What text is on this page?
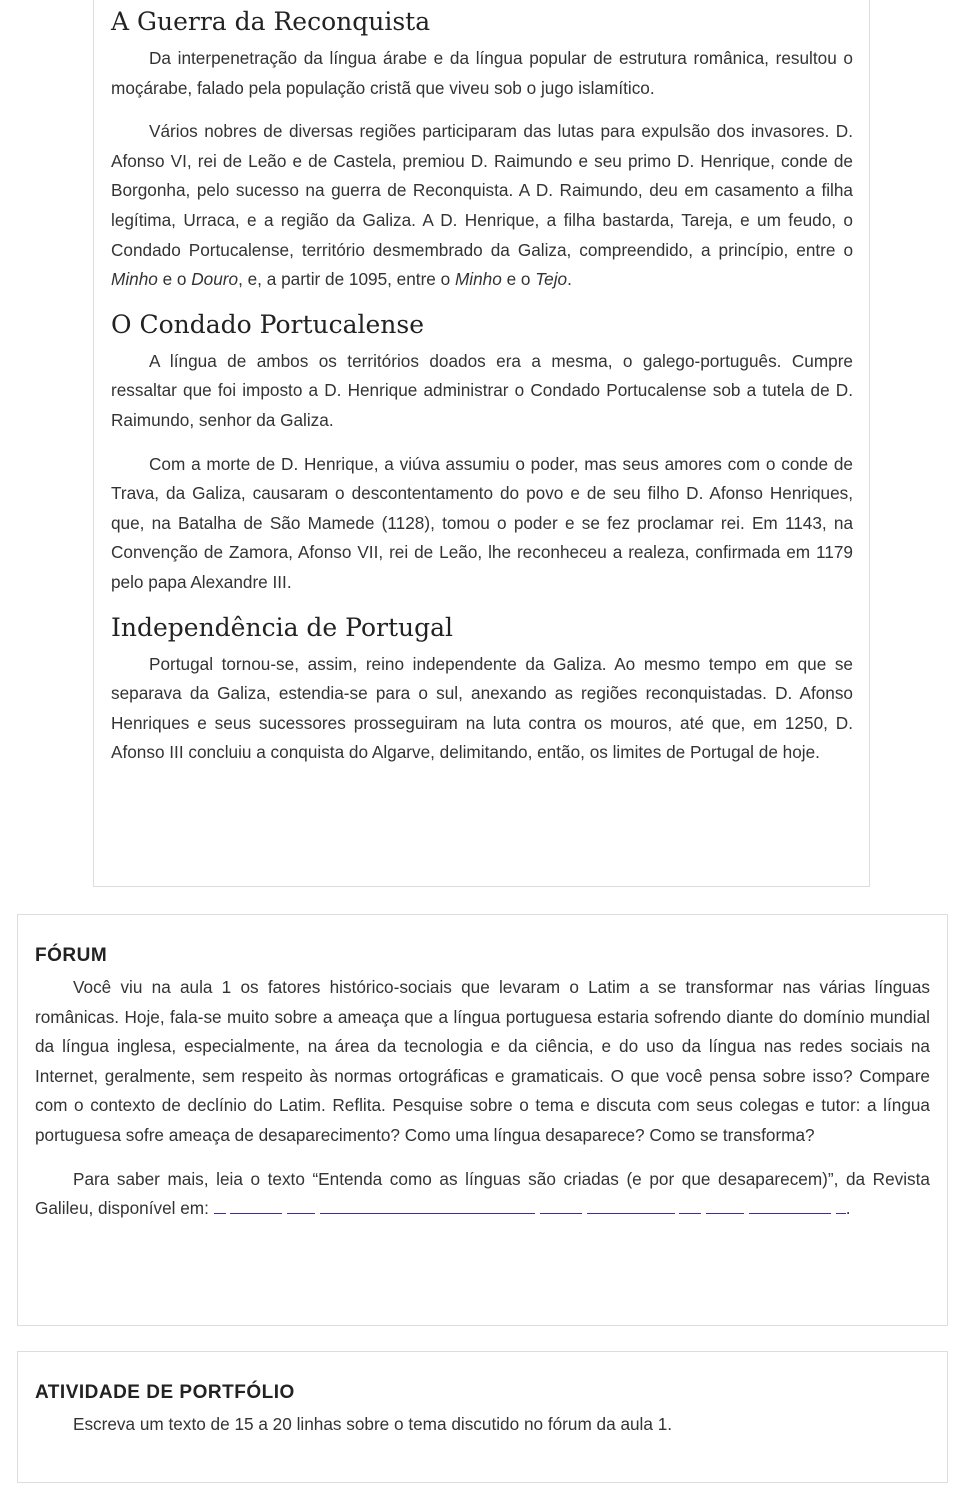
A Guerra da Reconquista

Da interpenetração da língua árabe e da língua popular de estrutura românica, resultou o moçárabe, falado pela população cristã que viveu sob o jugo islamítico.

Vários nobres de diversas regiões participaram das lutas para expulsão dos invasores. D. Afonso VI, rei de Leão e de Castela, premiou D. Raimundo e seu primo D. Henrique, conde de Borgonha, pelo sucesso na guerra de Reconquista. A D. Raimundo, deu em casamento a filha legítima, Urraca, e a região da Galiza. A D. Henrique, a filha bastarda, Tareja, e um feudo, o Condado Portucalense, território desmembrado da Galiza, compreendido, a princípio, entre o Minho e o Douro, e, a partir de 1095, entre o Minho e o Tejo.

O Condado Portucalense

A língua de ambos os territórios doados era a mesma, o galego-português. Cumpre ressaltar que foi imposto a D. Henrique administrar o Condado Portucalense sob a tutela de D. Raimundo, senhor da Galiza.

Com a morte de D. Henrique, a viúva assumiu o poder, mas seus amores com o conde de Trava, da Galiza, causaram o descontentamento do povo e de seu filho D. Afonso Henriques, que, na Batalha de São Mamede (1128), tomou o poder e se fez proclamar rei. Em 1143, na Convenção de Zamora, Afonso VII, rei de Leão, lhe reconheceu a realeza, confirmada em 1179 pelo papa Alexandre III.

Independência de Portugal

Portugal tornou-se, assim, reino independente da Galiza. Ao mesmo tempo em que se separava da Galiza, estendia-se para o sul, anexando as regiões reconquistadas. D. Afonso Henriques e seus sucessores prosseguiram na luta contra os mouros, até que, em 1250, D. Afonso III concluiu a conquista do Algarve, delimitando, então, os limites de Portugal de hoje.

FÓRUM

Você viu na aula 1 os fatores histórico-sociais que levaram o Latim a se transformar nas várias línguas românicas. Hoje, fala-se muito sobre a ameaça que a língua portuguesa estaria sofrendo diante do domínio mundial da língua inglesa, especialmente, na área da tecnologia e da ciência, e do uso da língua nas redes sociais na Internet, geralmente, sem respeito às normas ortográficas e gramaticais. O que você pensa sobre isso? Compare com o contexto de declínio do Latim. Reflita. Pesquise sobre o tema e discuta com seus colegas e tutor: a língua portuguesa sofre ameaça de desaparecimento? Como uma língua desaparece? Como se transforma?

Para saber mais, leia o texto “Entenda como as línguas são criadas (e por que desaparecem)”, da Revista Galileu, disponível em:	.

ATIVIDADE DE PORTFÓLIO

Escreva um texto de 15 a 20 linhas sobre o tema discutido no fórum da aula 1.
